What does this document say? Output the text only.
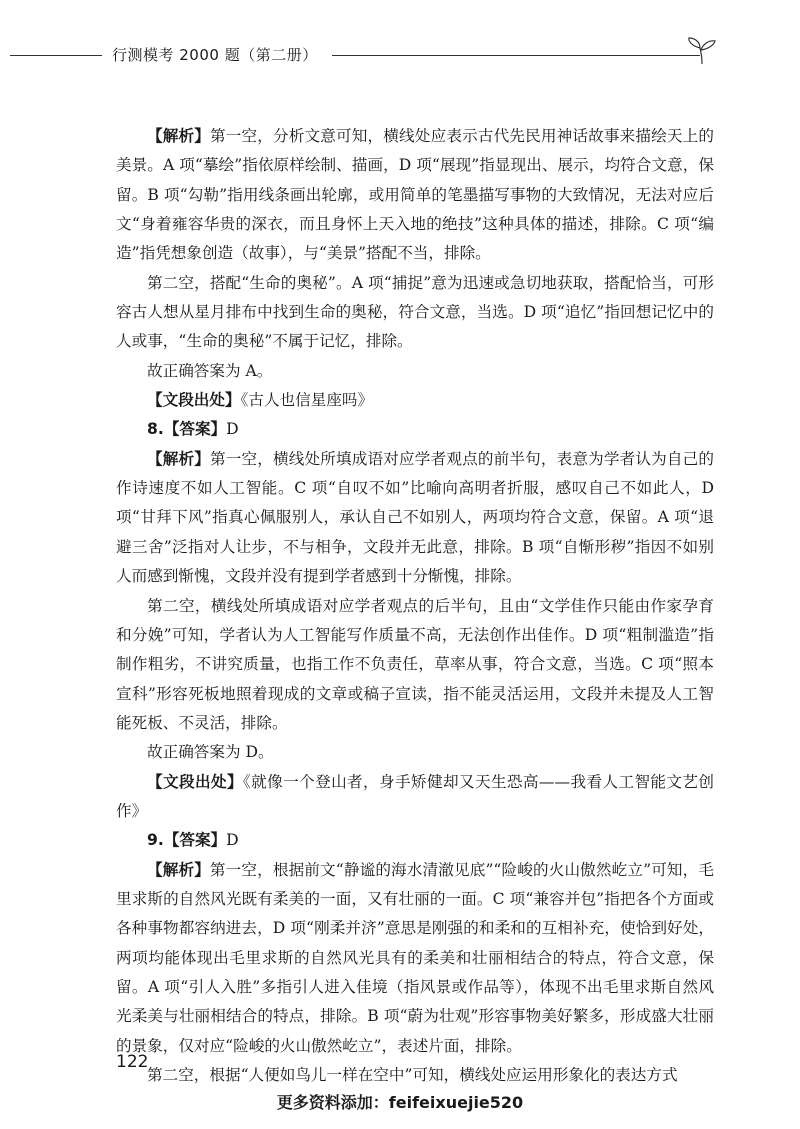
行测模考 2000 题（第二册）

【解析】第一空，分析文意可知，横线处应表示古代先民用神话故事来描绘天上的美景。A 项“摹绘”指依原样绘制、描画，D 项“展现”指显现出、展示，均符合文意，保留。B 项“勾勒”指用线条画出轮廓，或用简单的笔墨描写事物的大致情况，无法对应后文“身着雍容华贵的深衣，而且身怀上天入地的绝技”这种具体的描述，排除。C 项“编造”指凭想象创造（故事），与“美景”搭配不当，排除。

第二空，搭配“生命的奥秘”。A 项“捕捉”意为迅速或急切地获取，搭配恰当，可形容古人想从星月排布中找到生命的奥秘，符合文意，当选。D 项“追忆”指回想记忆中的人或事，“生命的奥秘”不属于记忆，排除。

故正确答案为 A。

【文段出处】《古人也信星座吗》

8.【答案】D

【解析】第一空，横线处所填成语对应学者观点的前半句，表意为学者认为自己的作诗速度不如人工智能。C 项“自叹不如”比喻向高明者折服，感叹自己不如此人，D 项“甘拜下风”指真心佩服别人，承认自己不如别人，两项均符合文意，保留。A 项“退避三舍”泛指对人让步，不与相争，文段并无此意，排除。B 项“自惭形秽”指因不如别人而感到惭愧，文段并没有提到学者感到十分惭愧，排除。

第二空，横线处所填成语对应学者观点的后半句，且由“文学佳作只能由作家孕育和分娩”可知，学者认为人工智能写作质量不高，无法创作出佳作。D 项“粗制滥造”指制作粗劣，不讲究质量，也指工作不负责任，草率从事，符合文意，当选。C 项“照本宣科”形容死板地照着现成的文章或稿子宣读，指不能灵活运用，文段并未提及人工智能死板、不灵活，排除。

故正确答案为 D。

【文段出处】《就像一个登山者，身手矫健却又天生恐高——我看人工智能文艺创作》

9.【答案】D

【解析】第一空，根据前文“静谧的海水清澈见底”“险峻的火山傲然屹立”可知，毛里求斯的自然风光既有柔美的一面，又有壮丽的一面。C 项“兼容并包”指把各个方面或各种事物都容纳进去，D 项“刚柔并济”意思是刚强的和柔和的互相补充，使恰到好处，两项均能体现出毛里求斯的自然风光具有的柔美和壮丽相结合的特点，符合文意，保留。A 项“引人入胜”多指引人进入佳境（指风景或作品等），体现不出毛里求斯自然风光柔美与壮丽相结合的特点，排除。B 项“蔚为壮观”形容事物美好繁多，形成盛大壮丽的景象，仅对应“险峻的火山傲然屹立”，表述片面，排除。

第二空，根据“人便如鸟儿一样在空中”可知，横线处应运用形象化的表达方式

122
更多资料添加：feifeixuejie520
